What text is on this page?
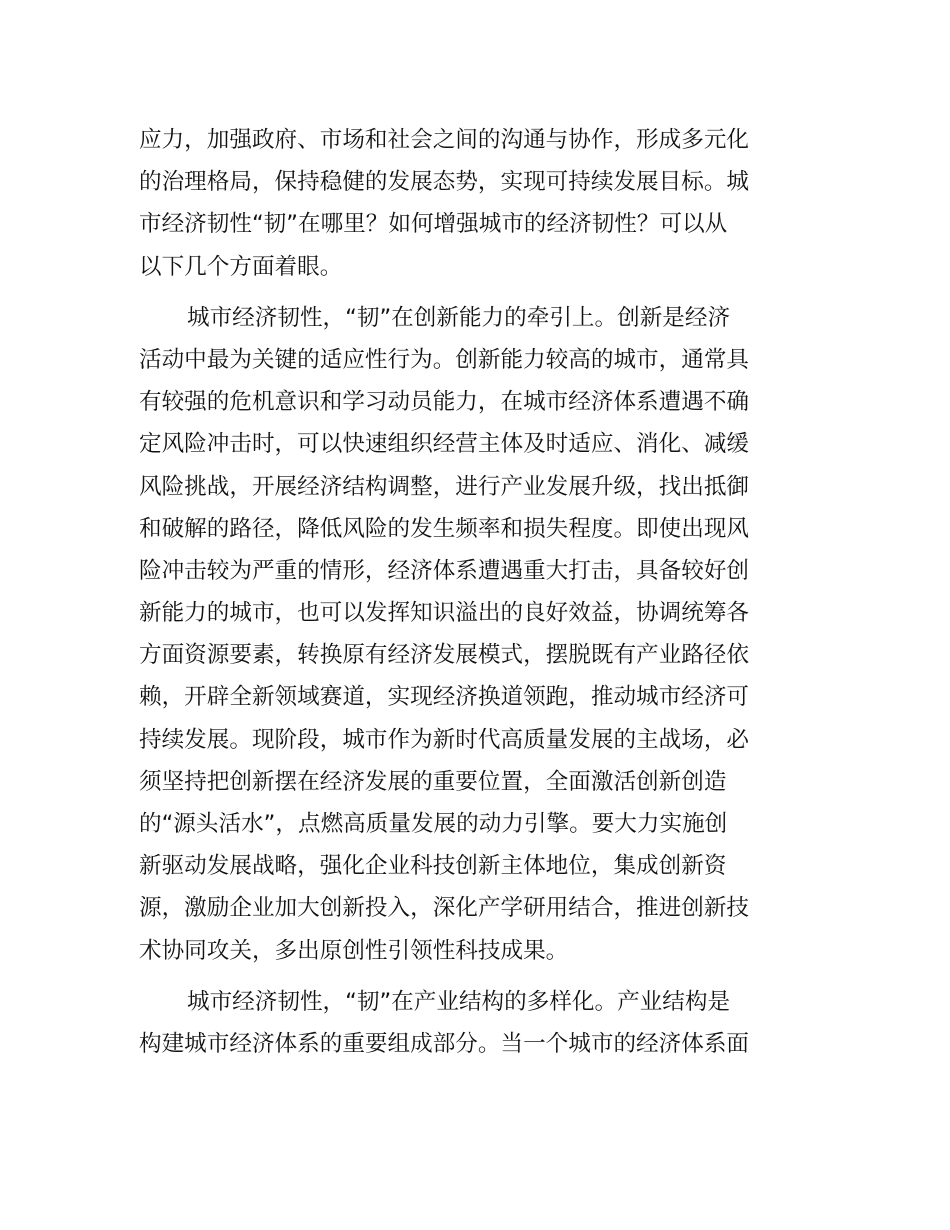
应力，加强政府、市场和社会之间的沟通与协作，形成多元化
的治理格局，保持稳健的发展态势，实现可持续发展目标。城
市经济韧性“韧”在哪里？如何增强城市的经济韧性？可以从
以下几个方面着眼。
城市经济韧性，“韧”在创新能力的牵引上。创新是经济
活动中最为关键的适应性行为。创新能力较高的城市，通常具
有较强的危机意识和学习动员能力，在城市经济体系遭遇不确
定风险冲击时，可以快速组织经营主体及时适应、消化、减缓
风险挑战，开展经济结构调整，进行产业发展升级，找出抵御
和破解的路径，降低风险的发生频率和损失程度。即使出现风
险冲击较为严重的情形，经济体系遭遇重大打击，具备较好创
新能力的城市，也可以发挥知识溢出的良好效益，协调统筹各
方面资源要素，转换原有经济发展模式，摆脱既有产业路径依
赖，开辟全新领域赛道，实现经济换道领跑，推动城市经济可
持续发展。现阶段，城市作为新时代高质量发展的主战场，必
须坚持把创新摆在经济发展的重要位置，全面激活创新创造
的“源头活水”，点燃高质量发展的动力引擎。要大力实施创
新驱动发展战略，强化企业科技创新主体地位，集成创新资
源，激励企业加大创新投入，深化产学研用结合，推进创新技
术协同攻关，多出原创性引领性科技成果。
城市经济韧性，“韧”在产业结构的多样化。产业结构是
构建城市经济体系的重要组成部分。当一个城市的经济体系面
